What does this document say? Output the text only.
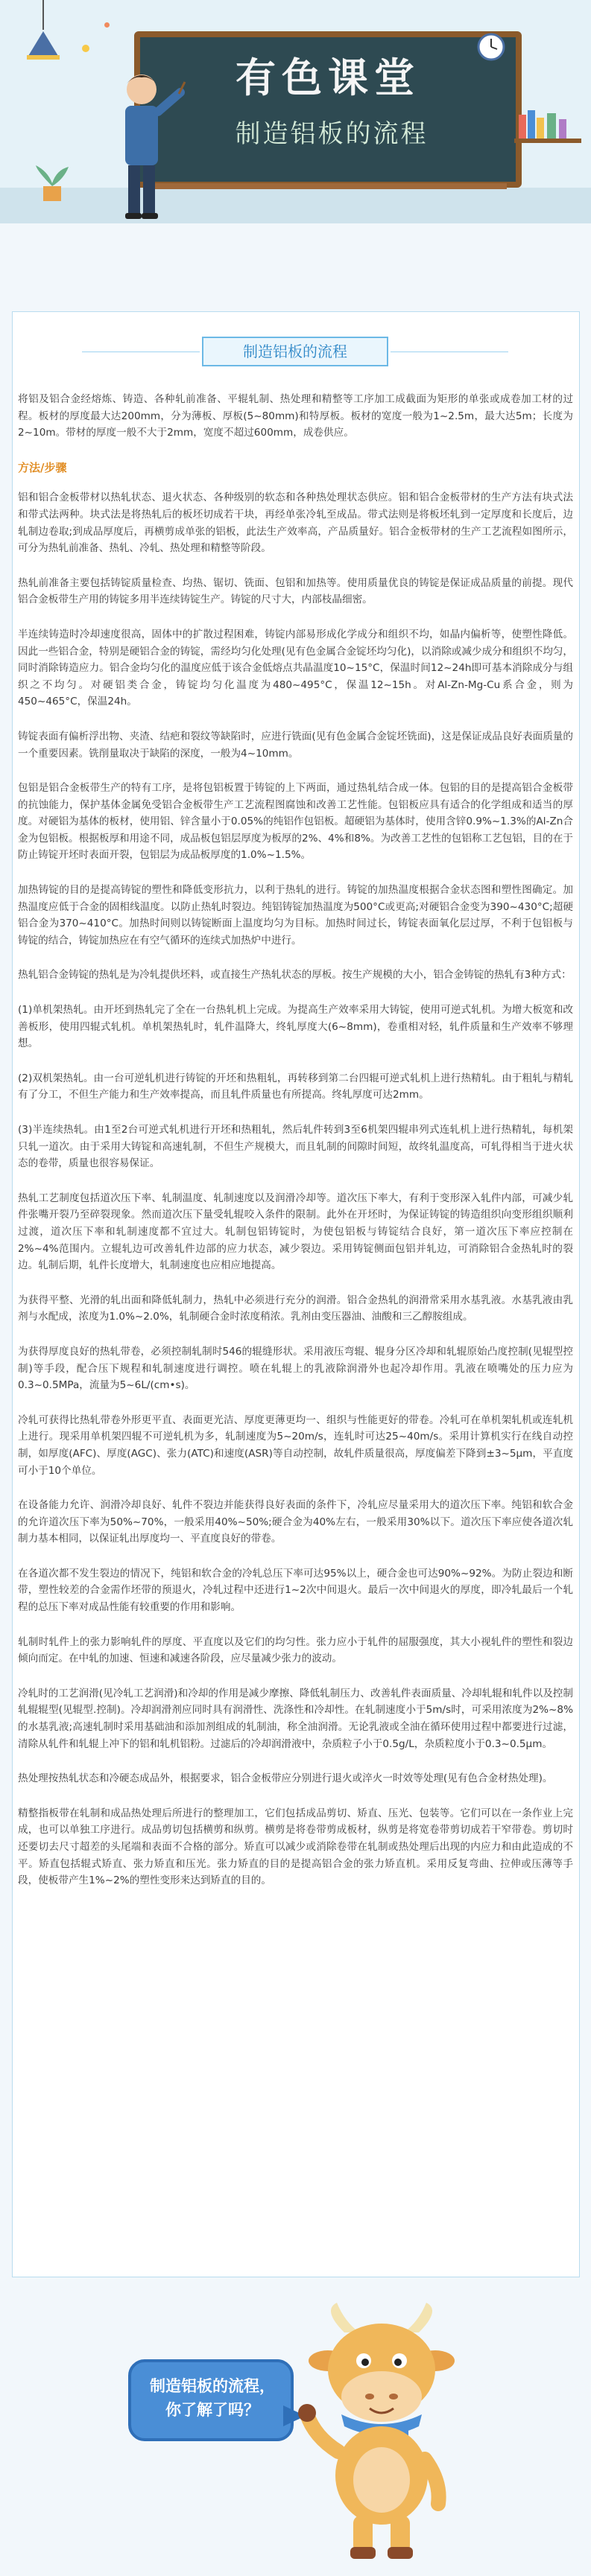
有色课堂
制造铝板的流程
制造铝板的流程

将铝及铝合金经熔炼、铸造、各种轧前准备、平辊轧制、热处理和精整等工序加工成截面为矩形的单张或成卷加工材的过程。板材的厚度最大达200mm，分为薄板、厚板(5~80mm)和特厚板。板材的宽度一般为1~2.5m，最大达5m；长度为2~10m。带材的厚度一般不大于2mm，宽度不超过600mm，成卷供应。

方法/步骤

铝和铝合金板带材以热轧状态、退火状态、各种级别的软态和各种热处理状态供应。铝和铝合金板带材的生产方法有块式法和带式法两种。块式法是将热轧后的板坯切成若干块，再经单张冷轧至成品。带式法则是将板坯轧到一定厚度和长度后，边轧制边卷取;到成品厚度后，再横剪成单张的铝板，此法生产效率高，产品质量好。铝合金板带材的生产工艺流程如图所示，可分为热轧前准备、热轧、冷轧、热处理和精整等阶段。

热轧前准备主要包括铸锭质量检查、均热、锯切、铣面、包铝和加热等。使用质量优良的铸锭是保证成品质量的前提。现代铝合金板带生产用的铸锭多用半连续铸锭生产。铸锭的尺寸大，内部枝晶细密。

半连续铸造时冷却速度很高，固体中的扩散过程困难，铸锭内部易形成化学成分和组织不均，如晶内偏析等，使塑性降低。因此一些铝合金，特别是硬铝合金的铸锭，需经均匀化处理(见有色金属合金锭坯均匀化)，以消除或减少成分和组织不均匀，同时消除铸造应力。铝合金均匀化的温度应低于该合金低熔点共晶温度10~15°C，保温时间12~24h即可基本消除成分与组织之不均匀。对硬铝类合金，铸锭均匀化温度为480~495°C，保温12~15h。对Al-Zn-Mg-Cu系合金，则为450~465°C，保温24h。

铸锭表面有偏析浮出物、夹渣、结疤和裂纹等缺陷时，应进行铣面(见有色金属合金锭坯铣面)，这是保证成品良好表面质量的一个重要因素。铣削量取决于缺陷的深度，一般为4~10mm。

包铝是铝合金板带生产的特有工序，是将包铝板置于铸锭的上下两面，通过热轧结合成一体。包铝的目的是提高铝合金板带的抗蚀能力，保护基体金属免受铝合金板带生产工艺流程图腐蚀和改善工艺性能。包铝板应具有适合的化学组成和适当的厚度。对硬铝为基体的板材，使用铝、锌含量小于0.05%的纯铝作包铝板。超硬铝为基体时，使用含锌0.9%~1.3%的Al-Zn合金为包铝板。根据板厚和用途不同，成品板包铝层厚度为板厚的2%、4%和8%。为改善工艺性的包铝称工艺包铝，目的在于防止铸锭开坯时表面开裂，包铝层为成品板厚度的1.0%~1.5%。

加热铸锭的目的是提高铸锭的塑性和降低变形抗力，以利于热轧的进行。铸锭的加热温度根据合金状态图和塑性图确定。加热温度应低于合金的固相线温度。以防止热轧时裂边。纯铝铸锭加热温度为500°C或更高;对硬铝合金变为390~430°C;超硬铝合金为370~410°C。加热时间则以铸锭断面上温度均匀为目标。加热时间过长，铸锭表面氧化层过厚，不利于包铝板与铸锭的结合，铸锭加热应在有空气循环的连续式加热炉中进行。

热轧铝合金铸锭的热轧是为冷轧提供坯料，或直接生产热轧状态的厚板。按生产规模的大小，铝合金铸锭的热轧有3种方式：

(1)单机架热轧。由开坯到热轧完了全在一台热轧机上完成。为提高生产效率采用大铸锭，使用可逆式轧机。为增大板宽和改善板形，使用四辊式轧机。单机架热轧时，轧件温降大，终轧厚度大(6~8mm)，卷重相对轻，轧件质量和生产效率不够理想。

(2)双机架热轧。由一台可逆轧机进行铸锭的开坯和热粗轧，再转移到第二台四辊可逆式轧机上进行热精轧。由于粗轧与精轧有了分工，不但生产能力和生产效率提高，而且轧件质量也有所提高。终轧厚度可达2mm。

(3)半连续热轧。由1至2台可逆式轧机进行开坯和热粗轧，然后轧件转到3至6机架四辊串列式连轧机上进行热精轧，每机架只轧一道次。由于采用大铸锭和高速轧制，不但生产规模大，而且轧制的间隙时间短，故终轧温度高，可轧得相当于进火状态的卷带，质量也很容易保证。

热轧工艺制度包括道次压下率、轧制温度、轧制速度以及润滑冷却等。道次压下率大，有利于变形深入轧件内部，可减少轧件张嘴开裂乃至碎裂现象。然而道次压下量受轧辊咬入条件的限制。此外在开坯时，为保证铸锭的铸造组织向变形组织顺利过渡，道次压下率和轧制速度都不宜过大。轧制包铝铸锭时，为使包铝板与铸锭结合良好，第一道次压下率应控制在2%~4%范围内。立辊轧边可改善轧件边部的应力状态，减少裂边。采用铸锭侧面包铝并轧边，可消除铝合金热轧时的裂边。轧制后期，轧件长度增大，轧制速度也应相应地提高。

为获得平整、光滑的轧出面和降低轧制力，热轧中必须进行充分的润滑。铝合金热轧的润滑常采用水基乳液。水基乳液由乳剂与水配成，浓度为1.0%~2.0%，轧制硬合金时浓度稍浓。乳剂由变压器油、油酸和三乙醇胺组成。

为获得厚度良好的热轧带卷，必须控制轧制时546的辊缝形状。采用液压弯辊、辊身分区冷却和轧辊原始凸度控制(见辊型控制)等手段，配合压下规程和轧制速度进行调控。喷在轧辊上的乳液除润滑外也起冷却作用。乳液在喷嘴处的压力应为0.3~0.5MPa，流量为5~6L/(cm•s)。

冷轧可获得比热轧带卷外形更平直、表面更光洁、厚度更薄更均一、组织与性能更好的带卷。冷轧可在单机架轧机或连轧机上进行。现采用单机架四辊不可逆轧机为多，轧制速度为5~20m/s，连轧时可达25~40m/s。采用计算机实行在线自动控制，如厚度(AFC)、厚度(AGC)、张力(ATC)和速度(ASR)等自动控制，故轧件质量很高，厚度偏差下降到±3~5μm，平直度可小于10个单位。

在设备能力允许、润滑冷却良好、轧件不裂边并能获得良好表面的条件下，冷轧应尽量采用大的道次压下率。纯铝和软合金的允许道次压下率为50%~70%，一般采用40%~50%;硬合金为40%左右，一般采用30%以下。道次压下率应使各道次轧制力基本相同，以保证轧出厚度均一、平直度良好的带卷。

在各道次都不发生裂边的情况下，纯铝和软合金的冷轧总压下率可达95%以上，硬合金也可达90%~92%。为防止裂边和断带，塑性较差的合金需作坯带的预退火，冷轧过程中还进行1~2次中间退火。最后一次中间退火的厚度，即冷轧最后一个轧程的总压下率对成品性能有较重要的作用和影响。

轧制时轧件上的张力影响轧件的厚度、平直度以及它们的均匀性。张力应小于轧件的屈服强度，其大小视轧件的塑性和裂边倾向而定。在中轧的加速、恒速和减速各阶段，应尽量减少张力的波动。

冷轧时的工艺润滑(见冷轧工艺润滑)和冷却的作用是减少摩擦、降低轧制压力、改善轧件表面质量、冷却轧辊和轧件以及控制轧辊辊型(见辊型.控制)。冷却润滑剂应同时具有润滑性、洗涤性和冷却性。在轧制速度小于5m/s时，可采用浓度为2%~8%的水基乳液;高速轧制时采用基础油和添加剂组成的轧制油，称全油润滑。无论乳液或全油在循环使用过程中都要进行过滤，清除从轧件和轧辊上冲下的铝和轧机铝粉。过滤后的冷却润滑液中，杂质粒子小于0.5g/L，杂质粒度小于0.3~0.5μm。

热处理按热轧状态和冷硬态成品外，根据要求，铝合金板带应分别进行退火或淬火一时效等处理(见有色合金材热处理)。

精整指板带在轧制和成品热处理后所进行的整理加工，它们包括成品剪切、矫直、压光、包装等。它们可以在一条作业上完成，也可以单独工序进行。成品剪切包括横剪和纵剪。横剪是将卷带剪成板材，纵剪是将宽卷带剪切成若干窄带卷。剪切时还要切去尺寸超差的头尾端和表面不合格的部分。矫直可以减少或消除卷带在轧制或热处理后出现的内应力和由此造成的不平。矫直包括辊式矫直、张力矫直和压光。张力矫直的目的是提高铝合金的张力矫直机。采用反复弯曲、拉伸或压薄等手段，使板带产生1%~2%的塑性变形来达到矫直的目的。

制造铝板的流程，
你了解了吗？
